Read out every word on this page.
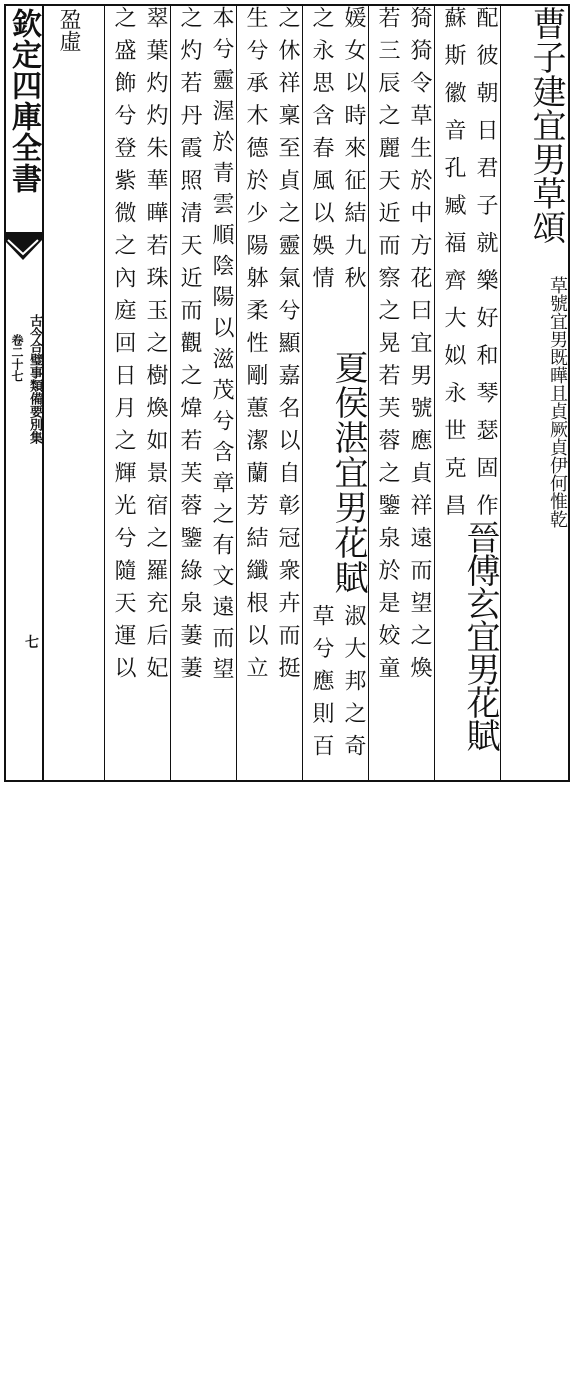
欽定四庫全書
古今合璧事類備要別集
卷二十七
七
盈虛	曹子建宜男草頌
草號宜男既曄且貞厥貞伊何惟乾
配彼朝日君子就樂好和琴瑟固作
蘇斯徽音孔臧福齊大姒永世克昌
晉傅玄宜男花賦
猗猗令草生於中方花曰宜男號應貞祥遠而望之煥
若三辰之麗天近而察之晃若芙蓉之鑒泉於是姣童
媛女以時來征結九秋
之永思含春風以娛情
夏侯湛宜男花賦
淑大邦之奇
草兮應則百
之休祥稟至貞之靈氣兮顯嘉名以自彰冠衆卉而挺
生兮承木德於少陽躰柔性剛蕙潔蘭芳結纖根以立
本兮靈渥於青雲順陰陽以滋茂兮含章之有文遠而望
之灼若丹霞照清天近而觀之煒若芙蓉鑒綠泉萋萋
翠葉灼灼朱華曄若珠玉之樹煥如景宿之羅充后妃
之盛飾兮登紫微之內庭回日月之輝光兮隨天運以
